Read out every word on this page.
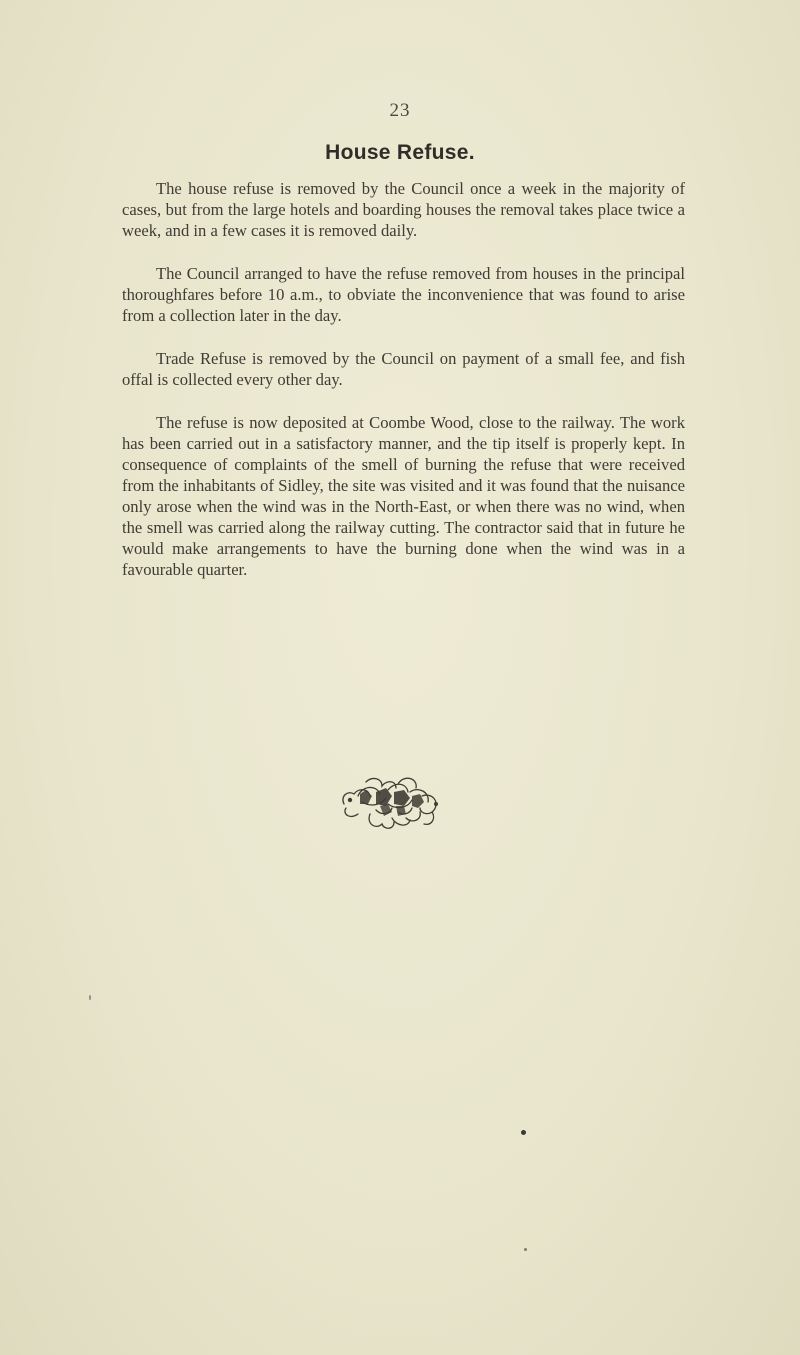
23
House Refuse.

The house refuse is removed by the Council once a week in the majority of cases, but from the large hotels and boarding houses the removal takes place twice a week, and in a few cases it is removed daily.

The Council arranged to have the refuse removed from houses in the principal thoroughfares before 10 a.m., to obviate the inconvenience that was found to arise from a collection later in the day.

Trade Refuse is removed by the Council on payment of a small fee, and fish offal is collected every other day.

The refuse is now deposited at Coombe Wood, close to the railway. The work has been carried out in a satisfactory manner, and the tip itself is properly kept. In consequence of complaints of the smell of burning the refuse that were received from the inhabitants of Sidley, the site was visited and it was found that the nuisance only arose when the wind was in the North-East, or when there was no wind, when the smell was carried along the railway cutting. The contractor said that in future he would make arrangements to have the burning done when the wind was in a favourable quarter.
